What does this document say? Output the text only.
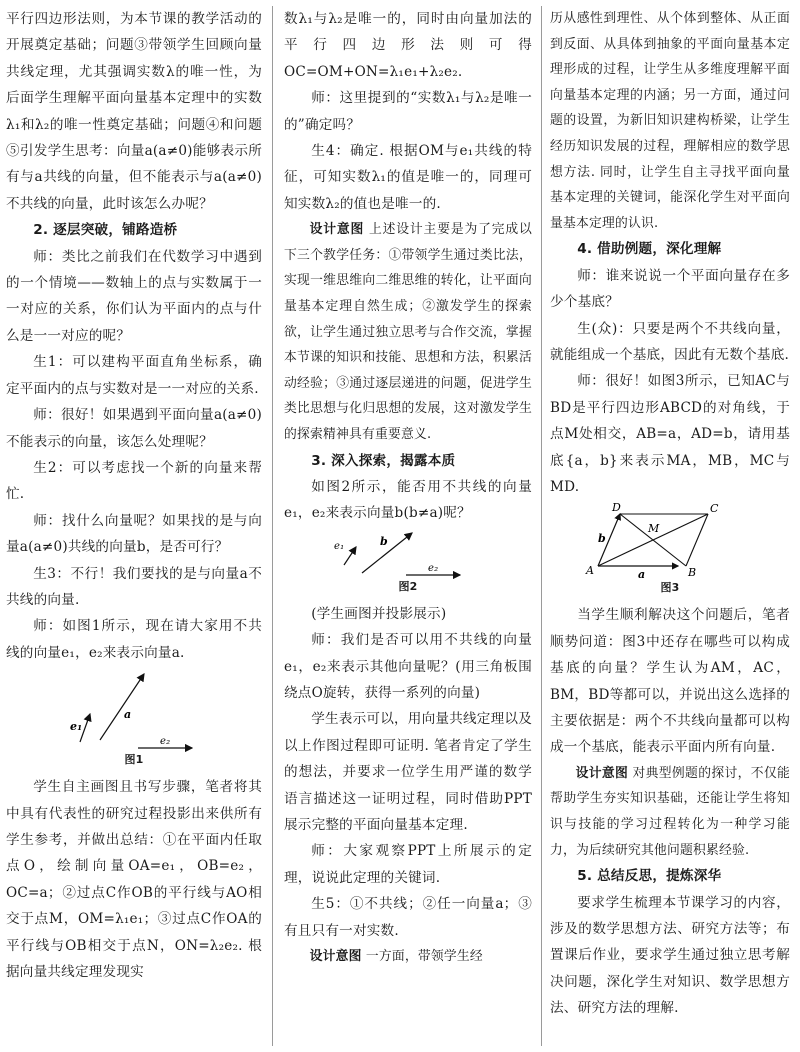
平行四边形法则，为本节课的教学活动的开展奠定基础；问题③带领学生回顾向量共线定理，尤其强调实数λ的唯一性，为后面学生理解平面向量基本定理中的实数λ₁和λ₂的唯一性奠定基础；问题④和问题⑤引发学生思考：向量a(a≠0)能够表示所有与a共线的向量，但不能表示与a(a≠0)不共线的向量，此时该怎么办呢？

2. 逐层突破，铺路造桥

师：类比之前我们在代数学习中遇到的一个情境——数轴上的点与实数属于一一对应的关系，你们认为平面内的点与什么是一一对应的呢？

生1：可以建构平面直角坐标系，确定平面内的点与实数对是一一对应的关系.

师：很好！如果遇到平面向量a(a≠0)不能表示的向量，该怎么处理呢？

生2：可以考虑找一个新的向量来帮忙.

师：找什么向量呢？如果找的是与向量a(a≠0)共线的向量b，是否可行？

生3：不行！我们要找的是与向量a不共线的向量.

师：如图1所示，现在请大家用不共线的向量e₁，e₂来表示向量a.

e₁
a
e₂
图1

学生自主画图且书写步骤，笔者将其中具有代表性的研究过程投影出来供所有学生参考，并做出总结：①在平面内任取点O，绘制向量OA=e₁，OB=e₂，OC=a；②过点C作OB的平行线与AO相交于点M，OM=λ₁e₁；③过点C作OA的平行线与OB相交于点N，ON=λ₂e₂. 根据向量共线定理发现实

数λ₁与λ₂是唯一的，同时由向量加法的平行四边形法则可得OC=OM+ON=λ₁e₁+λ₂e₂.

师：这里提到的“实数λ₁与λ₂是唯一的”确定吗？

生4：确定. 根据OM与e₁共线的特征，可知实数λ₁的值是唯一的，同理可知实数λ₂的值也是唯一的.

设计意图 上述设计主要是为了完成以下三个教学任务：①带领学生通过类比法，实现一维思维向二维思维的转化，让平面向量基本定理自然生成；②激发学生的探索欲，让学生通过独立思考与合作交流，掌握本节课的知识和技能、思想和方法，积累活动经验；③通过逐层递进的问题，促进学生类比思想与化归思想的发展，这对激发学生的探索精神具有重要意义.

3. 深入探索，揭露本质

如图2所示，能否用不共线的向量e₁，e₂来表示向量b(b≠a)呢？

e₁	b
e₂
图2

(学生画图并投影展示)

师：我们是否可以用不共线的向量e₁，e₂来表示其他向量呢？(用三角板围绕点O旋转，获得一系列的向量)

学生表示可以，用向量共线定理以及以上作图过程即可证明. 笔者肯定了学生的想法，并要求一位学生用严谨的数学语言描述这一证明过程，同时借助PPT展示完整的平面向量基本定理.

师：大家观察PPT上所展示的定理，说说此定理的关键词.

生5：①不共线；②任一向量a；③有且只有一对实数.

设计意图 一方面，带领学生经

历从感性到理性、从个体到整体、从正面到反面、从具体到抽象的平面向量基本定理形成的过程，让学生从多维度理解平面向量基本定理的内涵；另一方面，通过问题的设置，为新旧知识建构桥梁，让学生经历知识发展的过程，理解相应的数学思想方法. 同时，让学生自主寻找平面向量基本定理的关键词，能深化学生对平面向量基本定理的认识.

4. 借助例题，深化理解

师：谁来说说一个平面向量存在多少个基底？

生(众)：只要是两个不共线向量，就能组成一个基底，因此有无数个基底.

师：很好！如图3所示，已知AC与BD是平行四边形ABCD的对角线，于点M处相交，AB=a，AD=b，请用基底{a，b}来表示MA，MB，MC与MD.

A	B
C
D
M
a
b
图3

当学生顺利解决这个问题后，笔者顺势问道：图3中还存在哪些可以构成基底的向量？学生认为AM，AC，BM，BD等都可以，并说出这么选择的主要依据是：两个不共线向量都可以构成一个基底，能表示平面内所有向量.

设计意图 对典型例题的探讨，不仅能帮助学生夯实知识基础，还能让学生将知识与技能的学习过程转化为一种学习能力，为后续研究其他问题积累经验.

5. 总结反思，提炼深华

要求学生梳理本节课学习的内容，涉及的数学思想方法、研究方法等；布置课后作业，要求学生通过独立思考解决问题，深化学生对知识、数学思想方法、研究方法的理解.
